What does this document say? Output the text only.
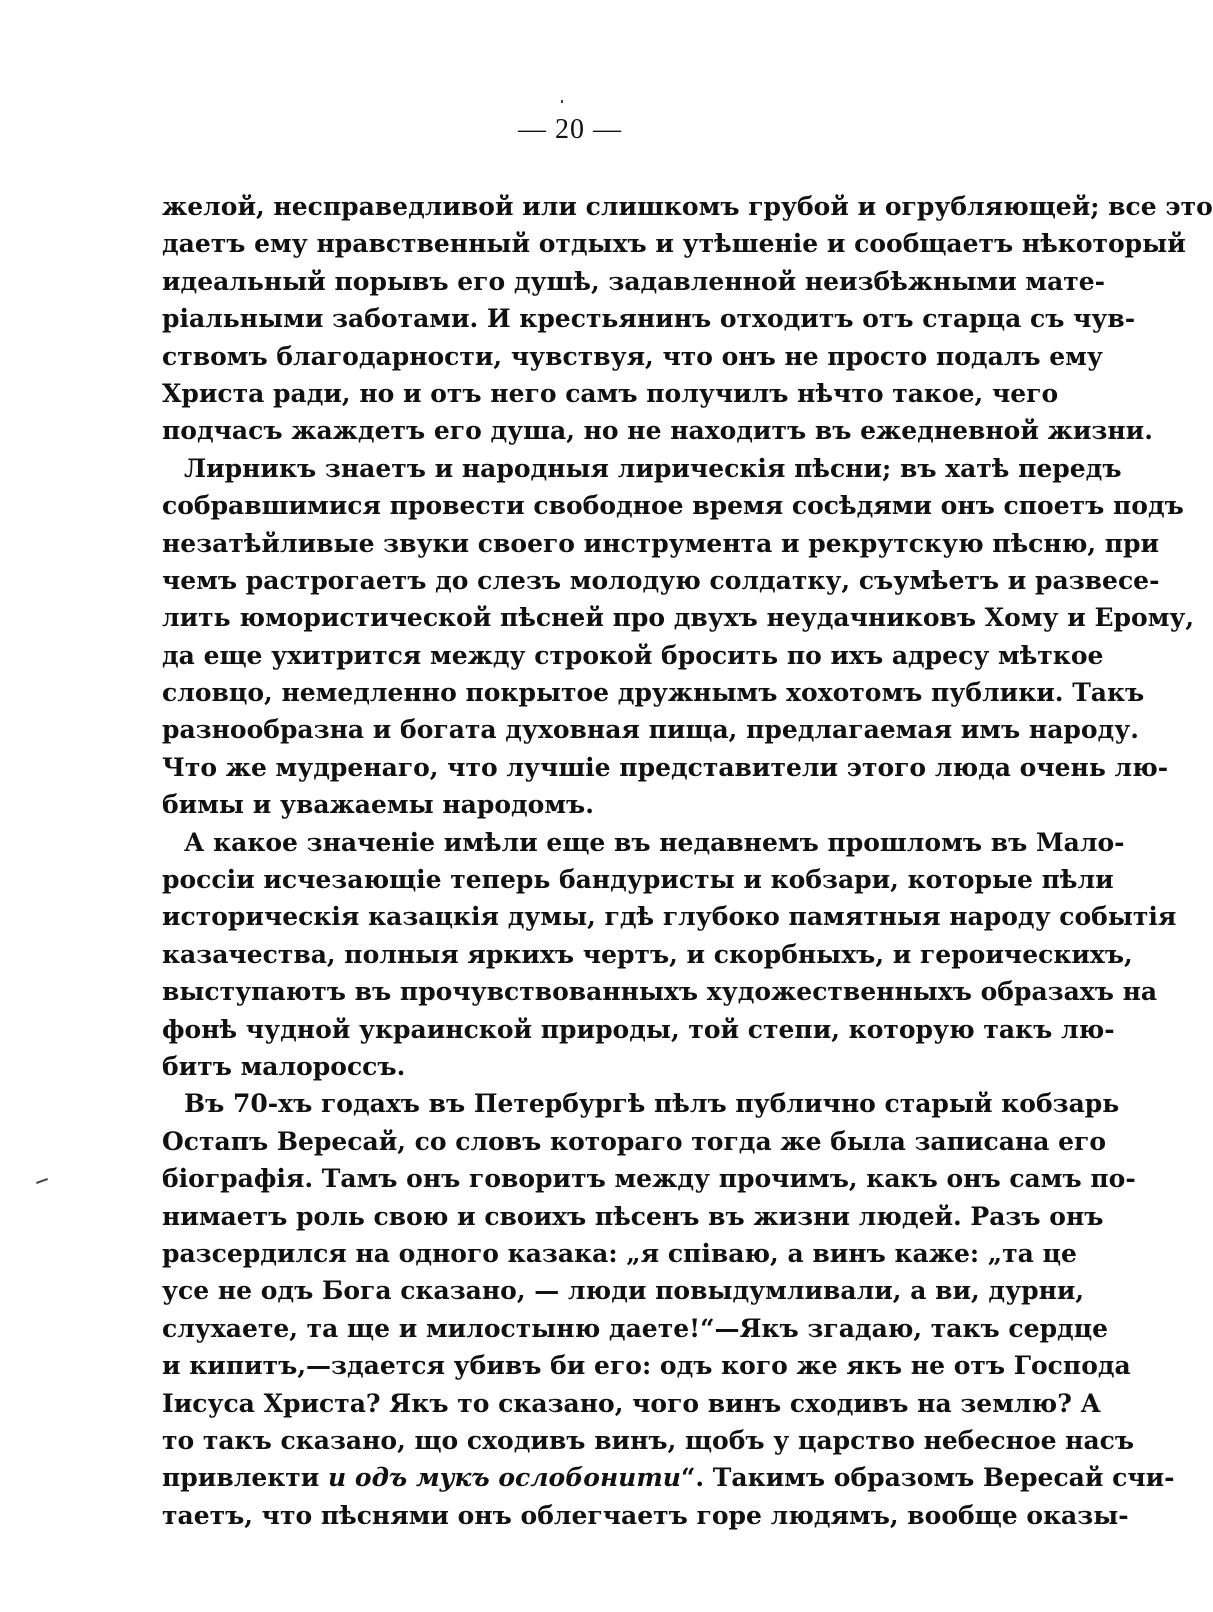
— 20 —
желой, несправедливой или слишкомъ грубой и огрубляющей; все это
даетъ ему нравственный отдыхъ и утѣшеніе и сообщаетъ нѣкоторый
идеальный порывъ его душѣ, задавленной неизбѣжными мате-
ріальными заботами. И крестьянинъ отходитъ отъ старца съ чув-
ствомъ благодарности, чувствуя, что онъ не просто подалъ ему
Христа ради, но и отъ него самъ получилъ нѣчто такое, чего
подчасъ жаждетъ его душа, но не находитъ въ ежедневной жизни.
Лирникъ знаетъ и народныя лирическія пѣсни; въ хатѣ передъ
собравшимися провести свободное время сосѣдями онъ споетъ подъ
незатѣйливые звуки своего инструмента и рекрутскую пѣсню, при
чемъ растрогаетъ до слезъ молодую солдатку, съумѣетъ и развесе-
лить юмористической пѣсней про двухъ неудачниковъ Хому и Ерому,
да еще ухитрится между строкой бросить по ихъ адресу мѣткое
словцо, немедленно покрытое дружнымъ хохотомъ публики. Такъ
разнообразна и богата духовная пища, предлагаемая имъ народу.
Что же мудренаго, что лучшіе представители этого люда очень лю-
бимы и уважаемы народомъ.
А какое значеніе имѣли еще въ недавнемъ прошломъ въ Мало-
россіи исчезающіе теперь бандуристы и кобзари, которые пѣли
историческія казацкія думы, гдѣ глубоко памятныя народу событія
казачества, полныя яркихъ чертъ, и скорбныхъ, и героическихъ,
выступаютъ въ прочувствованныхъ художественныхъ образахъ на
фонѣ чудной украинской природы, той степи, которую такъ лю-
битъ малороссъ.
Въ 70-хъ годахъ въ Петербургѣ пѣлъ публично старый кобзарь
Остапъ Вересай, со словъ котораго тогда же была записана его
біографія. Тамъ онъ говоритъ между прочимъ, какъ онъ самъ по-
нимаетъ роль свою и своихъ пѣсенъ въ жизни людей. Разъ онъ
разсердился на одного казака: „я співаю, а винъ каже: „та це
усе не одъ Бога сказано, — люди повыдумливали, а ви, дурни,
слухаете, та ще и милостыню даете!“—Якъ згадаю, такъ сердце
и кипитъ,—здается убивъ би его: одъ кого же якъ не отъ Господа
Іисуса Христа? Якъ то сказано, чого винъ сходивъ на землю? А
то такъ сказано, що сходивъ винъ, щобъ у царство небесное насъ
привлекти и одъ мукъ ослобонити“. Такимъ образомъ Вересай счи-
таетъ, что пѣснями онъ облегчаетъ горе людямъ, вообще оказы-
